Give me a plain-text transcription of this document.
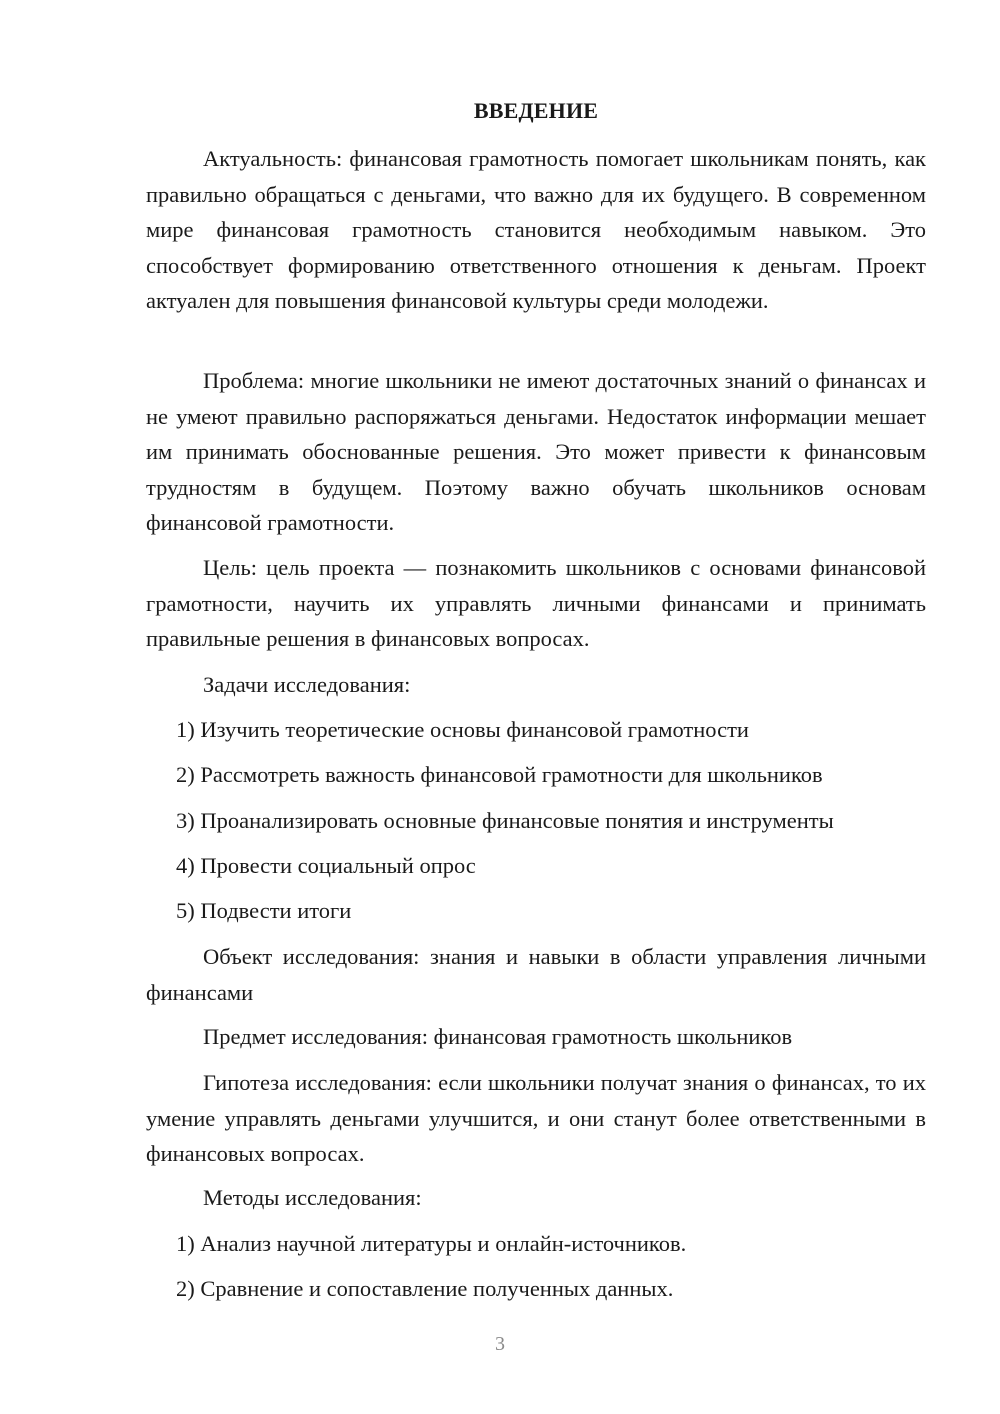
ВВЕДЕНИЕ

Актуальность: финансовая грамотность помогает школьникам понять, как правильно обращаться с деньгами, что важно для их будущего. В современном мире финансовая грамотность становится необходимым навыком. Это способствует формированию ответственного отношения к деньгам. Проект актуален для повышения финансовой культуры среди молодежи.

Проблема: многие школьники не имеют достаточных знаний о финансах и не умеют правильно распоряжаться деньгами. Недостаток информации мешает им принимать обоснованные решения. Это может привести к финансовым трудностям в будущем. Поэтому важно обучать школьников основам финансовой грамотности.

Цель: цель проекта — познакомить школьников с основами финансовой грамотности, научить их управлять личными финансами и принимать правильные решения в финансовых вопросах.

Задачи исследования:
1) Изучить теоретические основы финансовой грамотности
2) Рассмотреть важность финансовой грамотности для школьников
3) Проанализировать основные финансовые понятия и инструменты
4) Провести социальный опрос
5) Подвести итоги

Объект исследования: знания и навыки в области управления личными финансами

Предмет исследования: финансовая грамотность школьников

Гипотеза исследования: если школьники получат знания о финансах, то их умение управлять деньгами улучшится, и они станут более ответственными в финансовых вопросах.

Методы исследования:
1) Анализ научной литературы и онлайн-источников.
2) Сравнение и сопоставление полученных данных.
3
